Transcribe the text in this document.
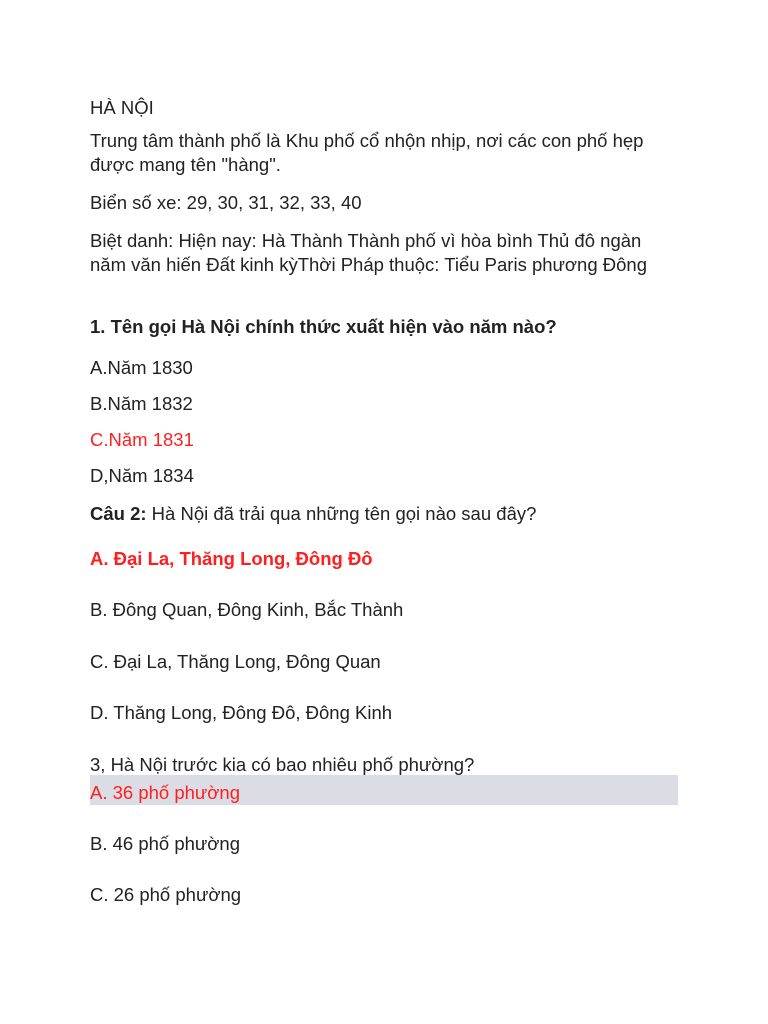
HÀ NỘI
Trung tâm thành phố là Khu phố cổ nhộn nhịp, nơi các con phố hẹp được mang tên "hàng".
Biển số xe: 29, 30, 31, 32, 33, 40
Biệt danh: Hiện nay: Hà Thành Thành phố vì hòa bình Thủ đô ngàn năm văn hiến Đất kinh kỳThời Pháp thuộc: Tiểu Paris phương Đông
1. Tên gọi Hà Nội chính thức xuất hiện vào năm nào?
A.Năm 1830
B.Năm 1832
C.Năm 1831
D,Năm 1834
Câu 2: Hà Nội đã trải qua những tên gọi nào sau đây?
A. Đại La, Thăng Long, Đông Đô
B. Đông Quan, Đông Kinh, Bắc Thành
C. Đại La, Thăng Long, Đông Quan
D. Thăng Long, Đông Đô, Đông Kinh
3, Hà Nội trước kia có bao nhiêu phố phường?
A. 36 phố phường
B. 46 phố phường
C. 26 phố phường
